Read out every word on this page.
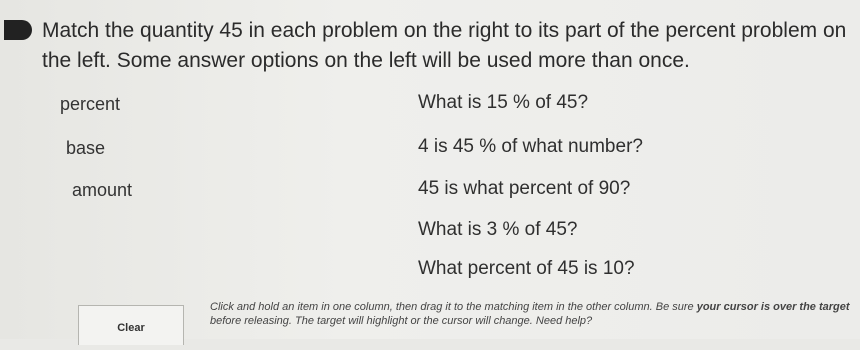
Match the quantity 45 in each problem on the right to its part of the percent problem on the left. Some answer options on the left will be used more than once.

percent
base
amount
What is 15 % of 45?
4 is 45 % of what number?
45 is what percent of 90?
What is 3 % of 45?
What percent of 45 is 10?
Clear

Click and hold an item in one column, then drag it to the matching item in the other column. Be sure your cursor is over the target before releasing. The target will highlight or the cursor will change. Need help?
